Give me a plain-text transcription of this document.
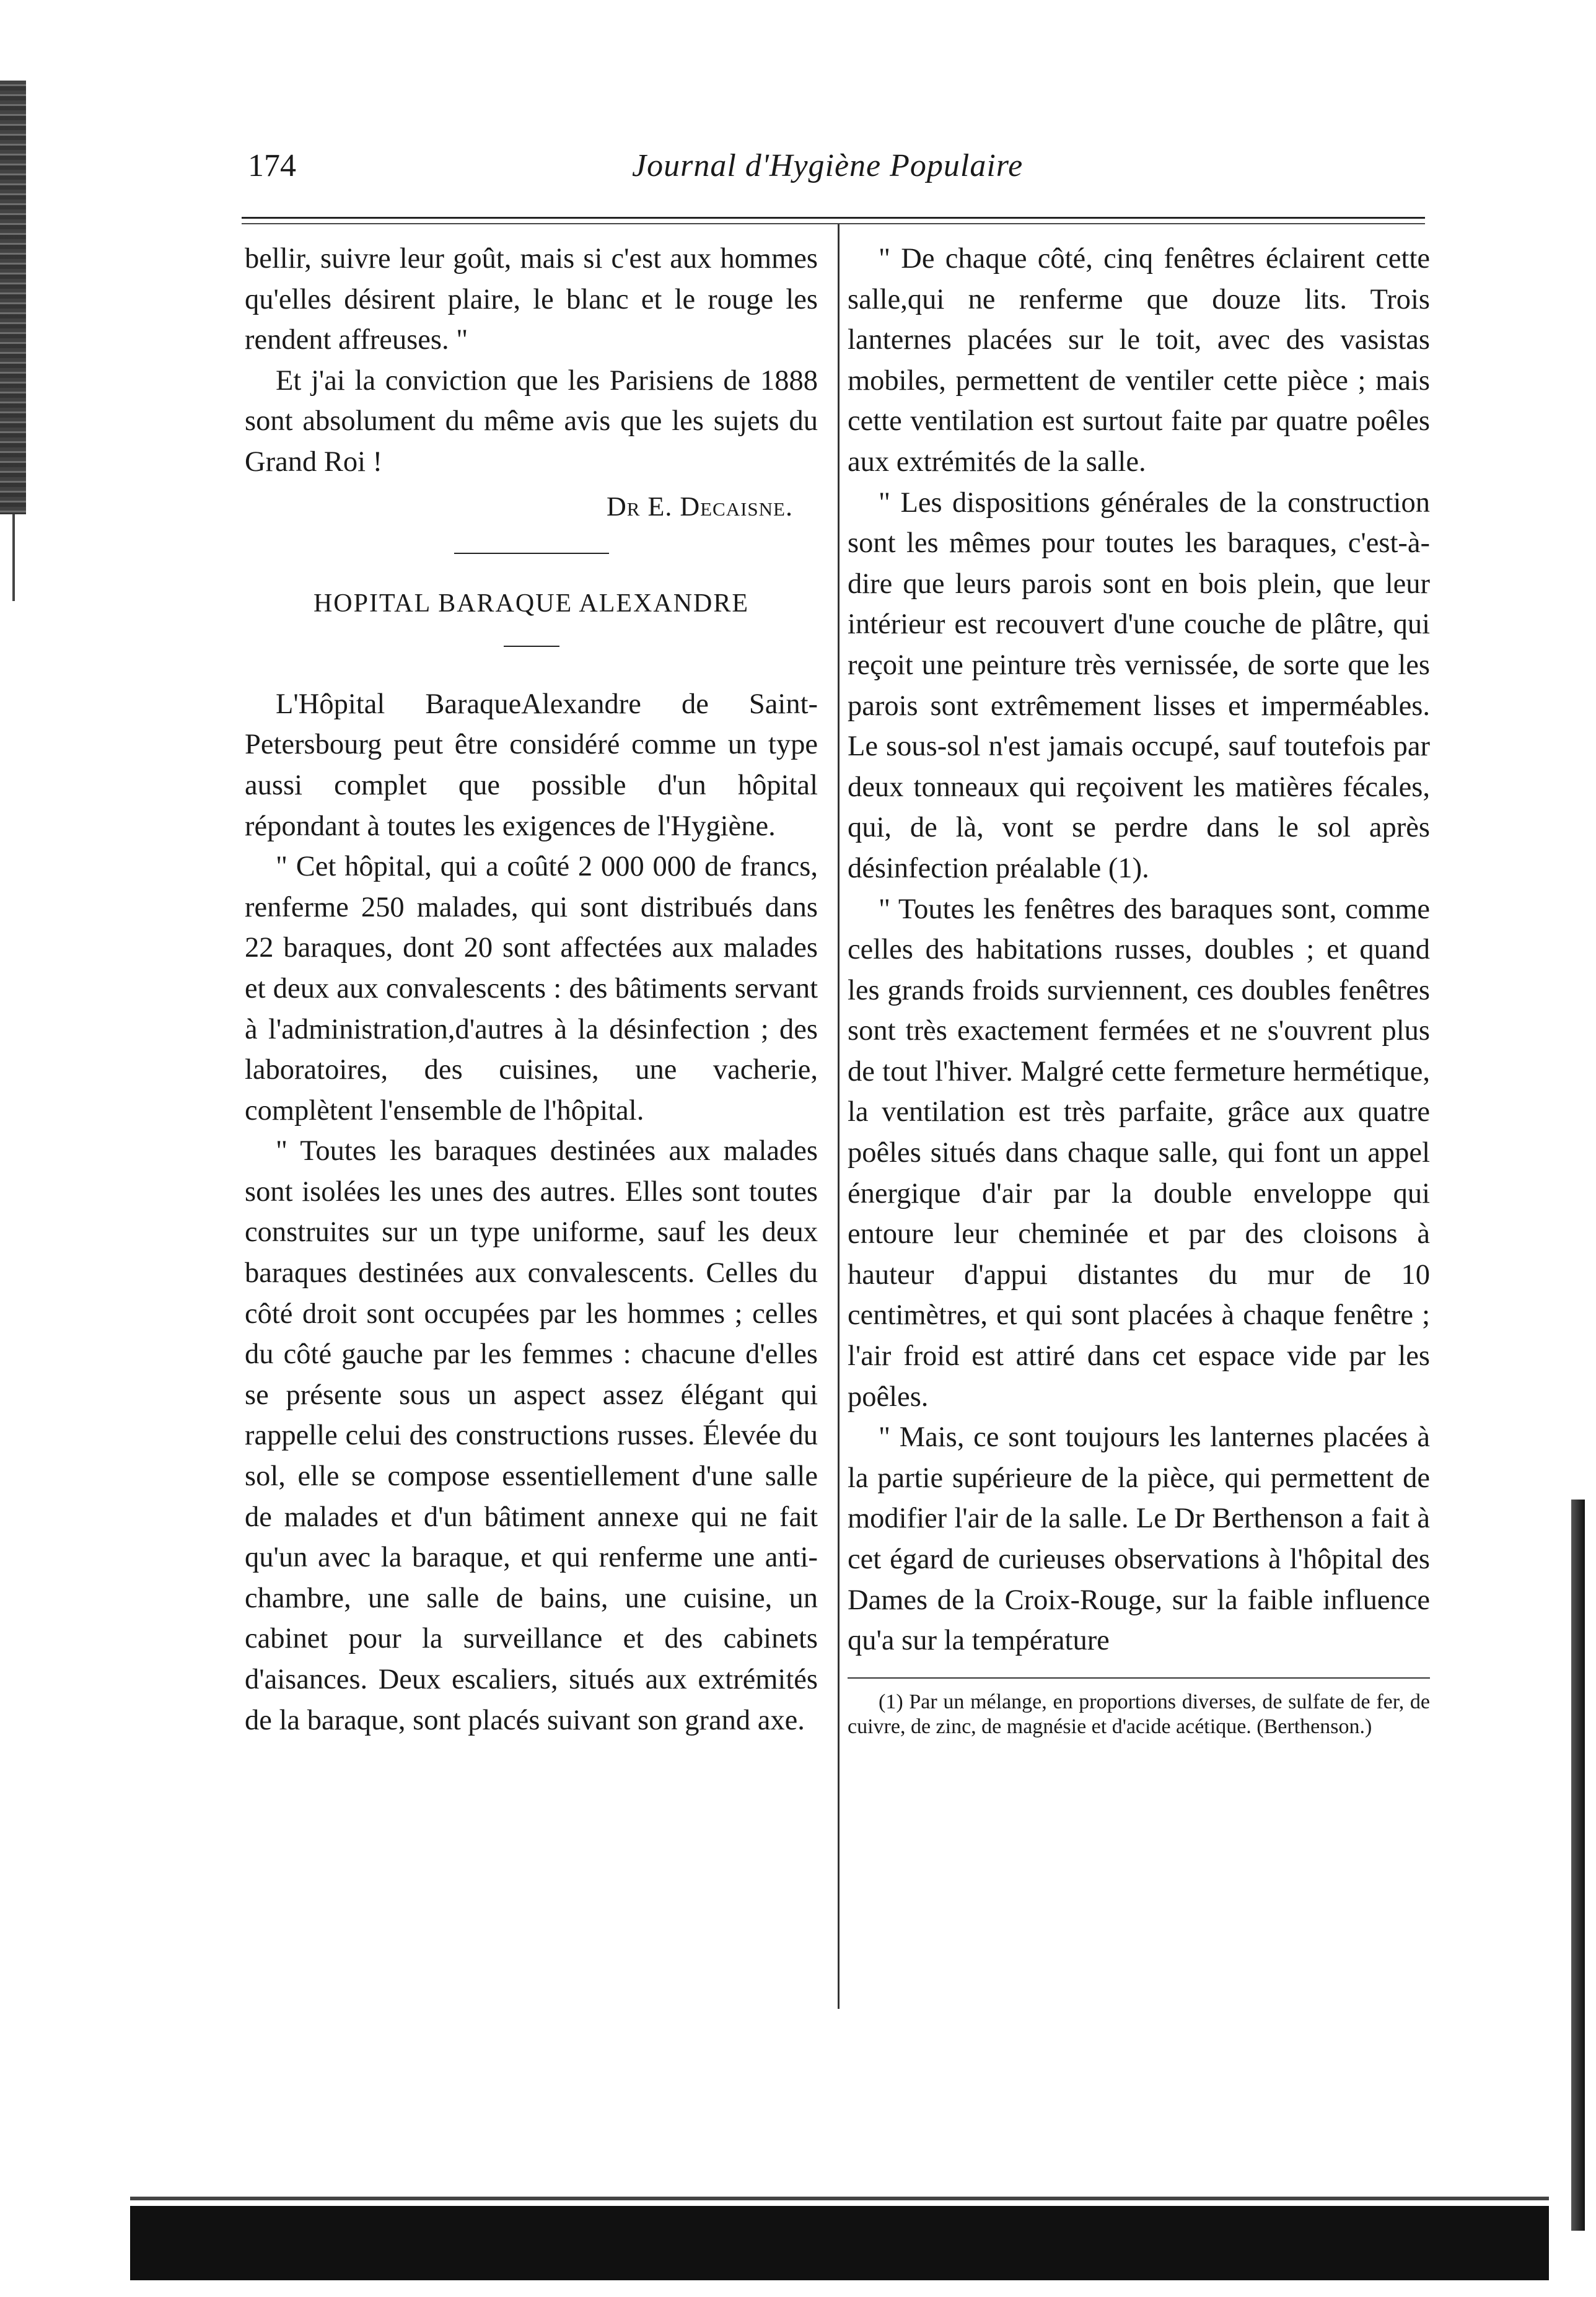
174	Journal d'Hygiène Populaire

bellir, suivre leur goût, mais si c'est aux hommes qu'elles désirent plaire, le blanc et le rouge les rendent affreuses. "

Et j'ai la conviction que les Parisiens de 1888 sont absolument du même avis que les sujets du Grand Roi !

Dr E. Decaisne.
HOPITAL BARAQUE ALEXANDRE

L'Hôpital BaraqueAlexandre de Saint-Petersbourg peut être considéré comme un type aussi complet que possible d'un hôpital répondant à toutes les exigences de l'Hygiène.

" Cet hôpital, qui a coûté 2 000 000 de francs, renferme 250 malades, qui sont distribués dans 22 baraques, dont 20 sont affectées aux malades et deux aux convalescents : des bâtiments servant à l'administration,d'autres à la désinfection ; des laboratoires, des cuisines, une vacherie, complètent l'ensemble de l'hôpital.

" Toutes les baraques destinées aux malades sont isolées les unes des autres. Elles sont toutes construites sur un type uniforme, sauf les deux baraques destinées aux convalescents. Celles du côté droit sont occupées par les hommes ; celles du côté gauche par les femmes : chacune d'elles se présente sous un aspect assez élégant qui rappelle celui des constructions russes. Élevée du sol, elle se compose essentiellement d'une salle de malades et d'un bâtiment annexe qui ne fait qu'un avec la baraque, et qui renferme une anti-chambre, une salle de bains, une cuisine, un cabinet pour la surveillance et des cabinets d'aisances. Deux escaliers, situés aux extrémités de la baraque, sont placés suivant son grand axe.

" De chaque côté, cinq fenêtres éclairent cette salle,qui ne renferme que douze lits. Trois lanternes placées sur le toit, avec des vasistas mobiles, permettent de ventiler cette pièce ; mais cette ventilation est surtout faite par quatre poêles aux extrémités de la salle.

" Les dispositions générales de la construction sont les mêmes pour toutes les baraques, c'est-à-dire que leurs parois sont en bois plein, que leur intérieur est recouvert d'une couche de plâtre, qui reçoit une peinture très vernissée, de sorte que les parois sont extrêmement lisses et imperméables. Le sous-sol n'est jamais occupé, sauf toutefois par deux tonneaux qui reçoivent les matières fécales, qui, de là, vont se perdre dans le sol après désinfection préalable (1).

" Toutes les fenêtres des baraques sont, comme celles des habitations russes, doubles ; et quand les grands froids surviennent, ces doubles fenêtres sont très exactement fermées et ne s'ouvrent plus de tout l'hiver. Malgré cette fermeture hermétique, la ventilation est très parfaite, grâce aux quatre poêles situés dans chaque salle, qui font un appel énergique d'air par la double enveloppe qui entoure leur cheminée et par des cloisons à hauteur d'appui distantes du mur de 10 centimètres, et qui sont placées à chaque fenêtre ; l'air froid est attiré dans cet espace vide par les poêles.

" Mais, ce sont toujours les lanternes placées à la partie supérieure de la pièce, qui permettent de modifier l'air de la salle. Le Dr Berthenson a fait à cet égard de curieuses observations à l'hôpital des Dames de la Croix-Rouge, sur la faible influence qu'a sur la température

(1) Par un mélange, en proportions diverses, de sulfate de fer, de cuivre, de zinc, de magnésie et d'acide acétique. (Berthenson.)
